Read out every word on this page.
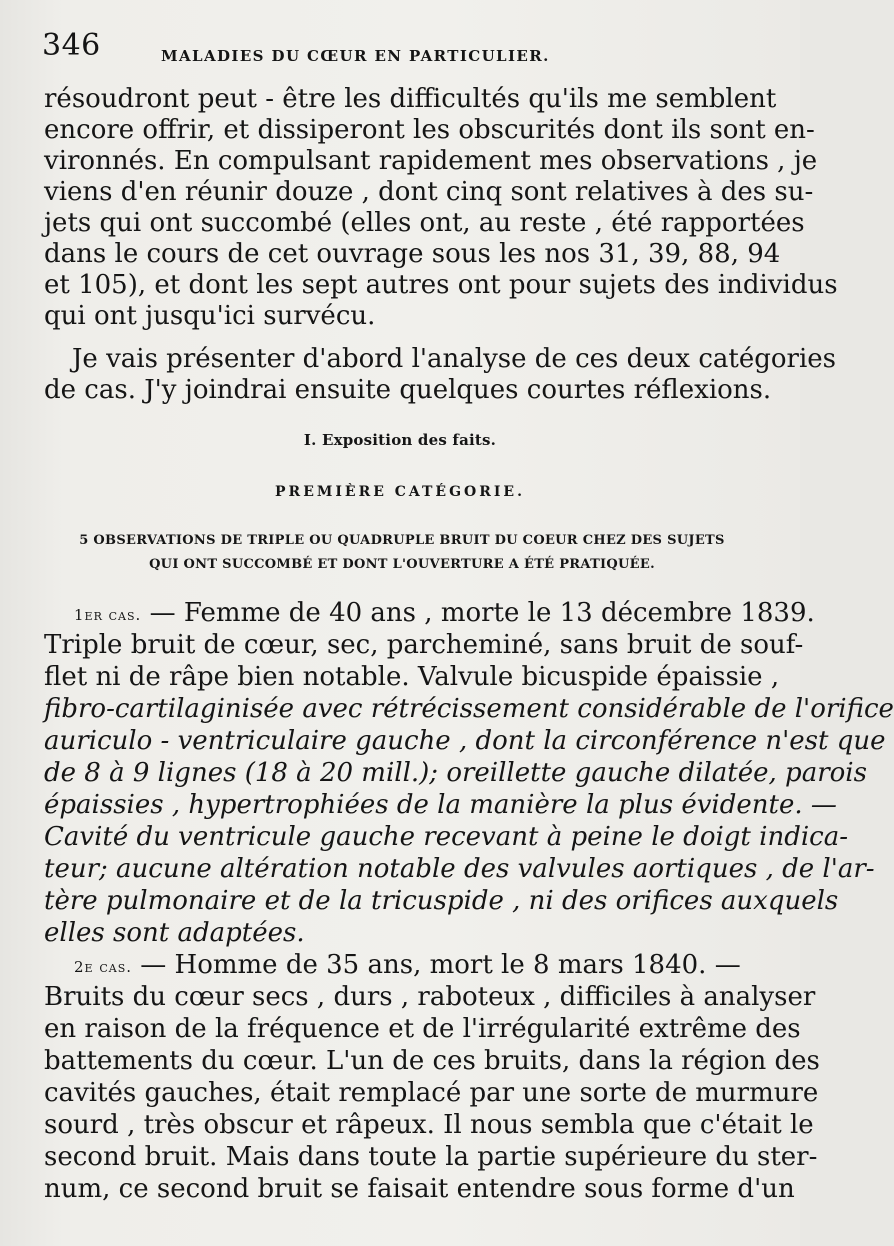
346	MALADIES DU CŒUR EN PARTICULIER.
résoudront peut - être les difficultés qu'ils me semblent
encore offrir, et dissiperont les obscurités dont ils sont en-
vironnés. En compulsant rapidement mes observations , je
viens d'en réunir douze , dont cinq sont relatives à des su-
jets qui ont succombé (elles ont, au reste , été rapportées
dans le cours de cet ouvrage sous les nos 31, 39, 88, 94
et 105), et dont les sept autres ont pour sujets des individus
qui ont jusqu'ici survécu.
Je vais présenter d'abord l'analyse de ces deux catégories
de cas. J'y joindrai ensuite quelques courtes réflexions.
I. Exposition des faits.
PREMIÈRE CATÉGORIE.
5 OBSERVATIONS DE TRIPLE OU QUADRUPLE BRUIT DU COEUR CHEZ DES SUJETS
QUI ONT SUCCOMBÉ ET DONT L'OUVERTURE A ÉTÉ PRATIQUÉE.
1er cas. — Femme de 40 ans , morte le 13 décembre 1839.
Triple bruit de cœur, sec, parcheminé, sans bruit de souf-
flet ni de râpe bien notable. Valvule bicuspide épaissie ,
fibro-cartilaginisée avec rétrécissement considérable de l'orifice
auriculo - ventriculaire gauche , dont la circonférence n'est que
de 8 à 9 lignes (18 à 20 mill.); oreillette gauche dilatée, parois
épaissies , hypertrophiées de la manière la plus évidente. —
Cavité du ventricule gauche recevant à peine le doigt indica-
teur; aucune altération notable des valvules aortiques , de l'ar-
tère pulmonaire et de la tricuspide , ni des orifices auxquels
elles sont adaptées.
2e cas. — Homme de 35 ans, mort le 8 mars 1840. —
Bruits du cœur secs , durs , raboteux , difficiles à analyser
en raison de la fréquence et de l'irrégularité extrême des
battements du cœur. L'un de ces bruits, dans la région des
cavités gauches, était remplacé par une sorte de murmure
sourd , très obscur et râpeux. Il nous sembla que c'était le
second bruit. Mais dans toute la partie supérieure du ster-
num, ce second bruit se faisait entendre sous forme d'un
